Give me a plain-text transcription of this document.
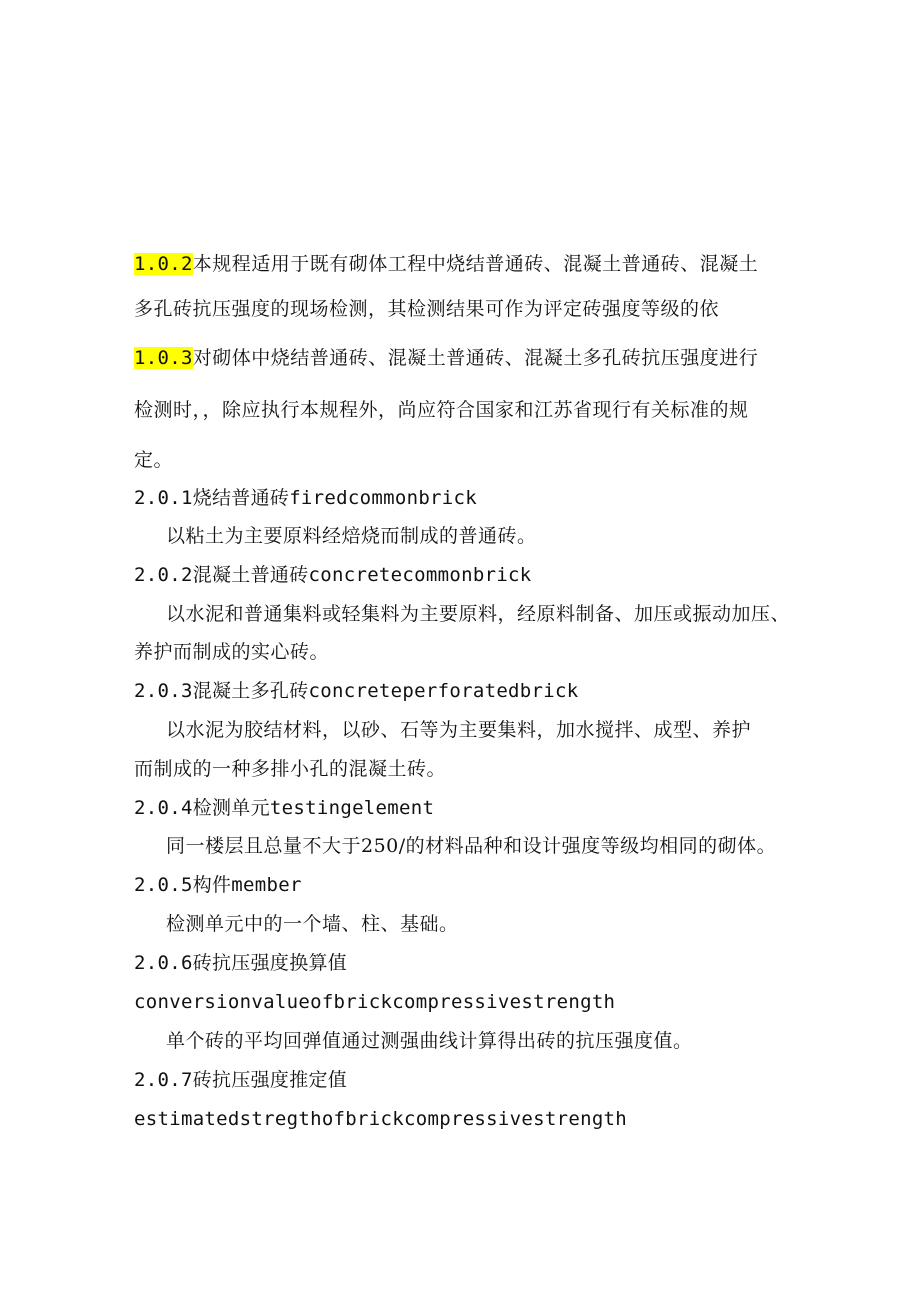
1.0.2本规程适用于既有砌体工程中烧结普通砖、混凝土普通砖、混凝土
多孔砖抗压强度的现场检测，其检测结果可作为评定砖强度等级的依
1.0.3对砌体中烧结普通砖、混凝土普通砖、混凝土多孔砖抗压强度进行
检测时，，除应执行本规程外，尚应符合国家和江苏省现行有关标准的规
定。
2.0.1烧结普通砖firedcommonbrick
以粘土为主要原料经焙烧而制成的普通砖。
2.0.2混凝土普通砖concretecommonbrick
以水泥和普通集料或轻集料为主要原料，经原料制备、加压或振动加压、
养护而制成的实心砖。
2.0.3混凝土多孔砖concreteperforatedbrick
以水泥为胶结材料，以砂、石等为主要集料，加水搅拌、成型、养护
而制成的一种多排小孔的混凝土砖。
2.0.4检测单元testingelement
同一楼层且总量不大于250/的材料品种和设计强度等级均相同的砌体。
2.0.5构件member
检测单元中的一个墙、柱、基础。
2.0.6砖抗压强度换算值
conversionvalueofbrickcompressivestrength
单个砖的平均回弹值通过测强曲线计算得出砖的抗压强度值。
2.0.7砖抗压强度推定值
estimatedstregthofbrickcompressivestrength
